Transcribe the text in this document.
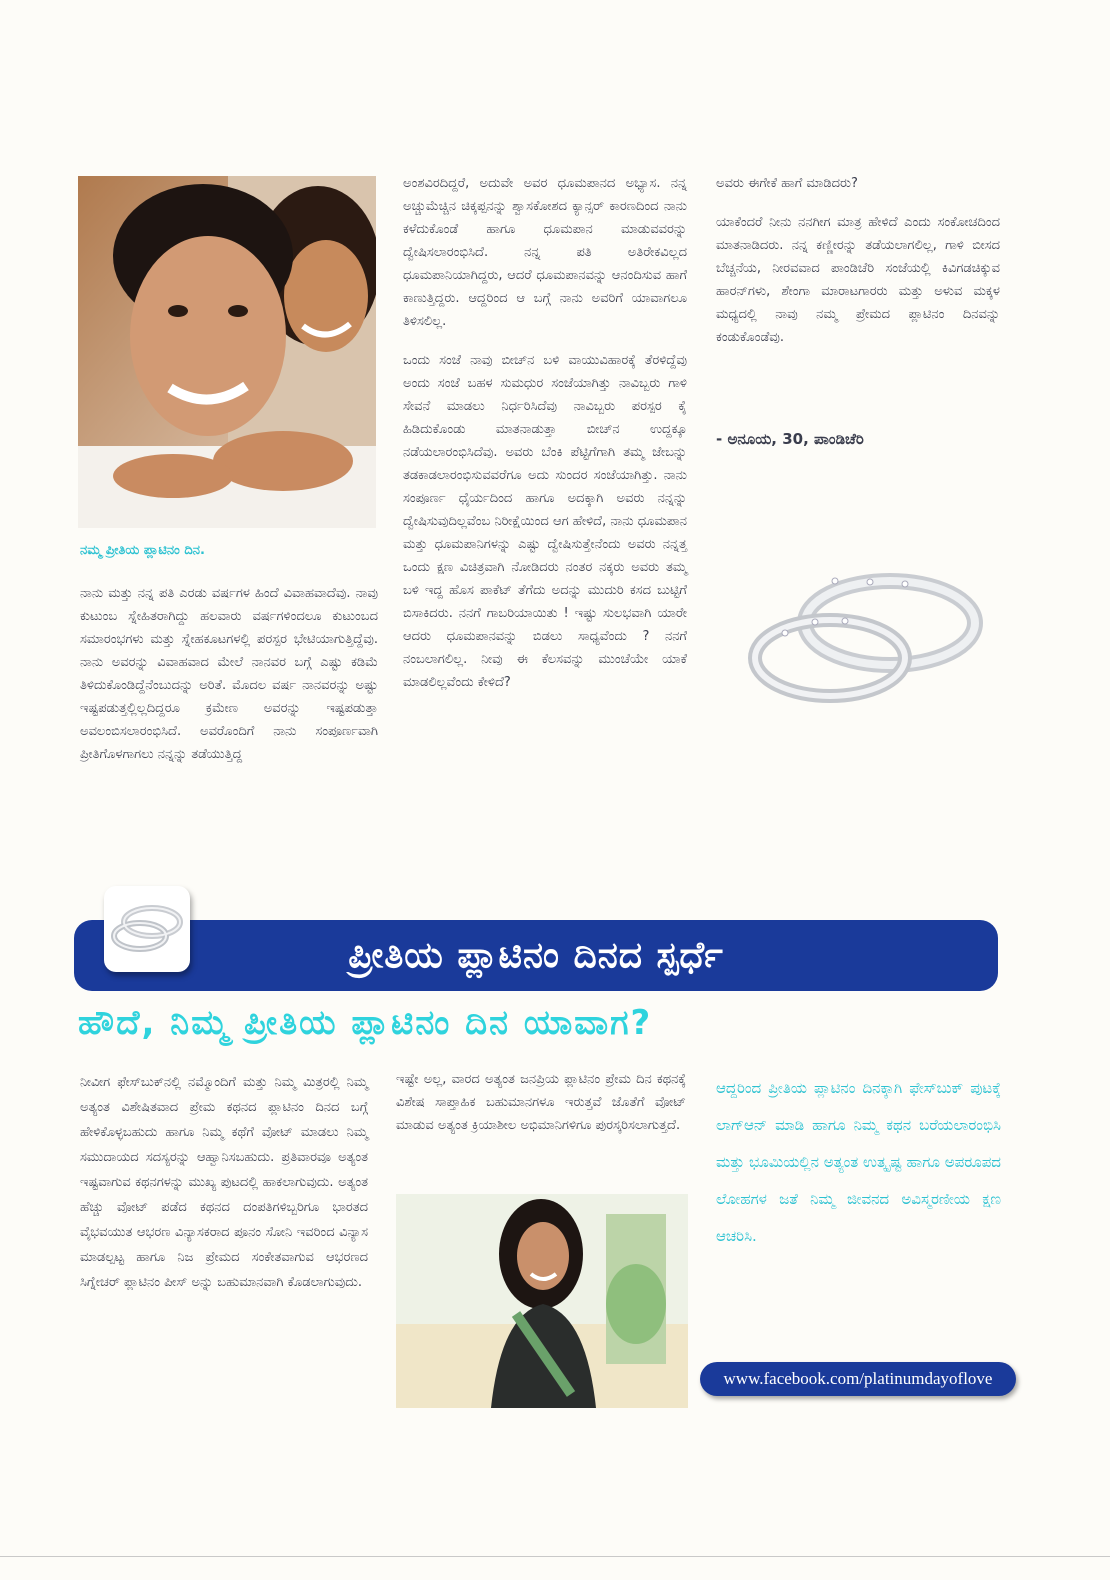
ನಮ್ಮ ಪ್ರೀತಿಯ ಪ್ಲಾಟಿನಂ ದಿನ.

ನಾನು ಮತ್ತು ನನ್ನ ಪತಿ ಎರಡು ವರ್ಷಗಳ ಹಿಂದೆ ವಿವಾಹವಾದೆವು. ನಾವು ಕುಟುಂಬ ಸ್ನೇಹಿತರಾಗಿದ್ದು ಹಲವಾರು ವರ್ಷಗಳಿಂದಲೂ ಕುಟುಂಬದ ಸಮಾರಂಭಗಳು ಮತ್ತು ಸ್ನೇಹಕೂಟಗಳಲ್ಲಿ ಪರಸ್ಪರ ಭೇಟಿಯಾಗುತ್ತಿದ್ದೆವು. ನಾನು ಅವರನ್ನು ವಿವಾಹವಾದ ಮೇಲೆ ನಾನವರ ಬಗ್ಗೆ ಎಷ್ಟು ಕಡಿಮೆ ತಿಳಿದುಕೊಂಡಿದ್ದೆನೆಂಬುದನ್ನು ಅರಿತೆ. ಮೊದಲ ವರ್ಷ ನಾನವರನ್ನು ಅಷ್ಟು ಇಷ್ಟಪಡುತ್ತಲ್ಲಿಲ್ಲದಿದ್ದರೂ ಕ್ರಮೇಣ ಅವರನ್ನು ಇಷ್ಟಪಡುತ್ತಾ ಅವಲಂಬಿಸಲಾರಂಭಿಸಿದೆ. ಅವರೊಂದಿಗೆ ನಾನು ಸಂಪೂರ್ಣವಾಗಿ ಪ್ರೀತಿಗೊಳಗಾಗಲು ನನ್ನನ್ನು ತಡೆಯುತ್ತಿದ್ದ

ಅಂಶವಿರದಿದ್ದರೆ, ಅದುವೇ ಅವರ ಧೂಮಪಾನದ ಅಭ್ಯಾಸ. ನನ್ನ ಅಚ್ಚುಮೆಚ್ಚಿನ ಚಿಕ್ಕಪ್ಪನನ್ನು ಶ್ವಾಸಕೋಶದ ಕ್ಯಾನ್ಸರ್ ಕಾರಣದಿಂದ ನಾನು ಕಳೆದುಕೊಂಡೆ ಹಾಗೂ ಧೂಮಪಾನ ಮಾಡುವವರನ್ನು ದ್ವೇಷಿಸಲಾರಂಭಿಸಿದೆ. ನನ್ನ ಪತಿ ಅತಿರೇಕವಿಲ್ಲದ ಧೂಮಪಾನಿಯಾಗಿದ್ದರು, ಆದರೆ ಧೂಮಪಾನವನ್ನು ಆನಂದಿಸುವ ಹಾಗೆ ಕಾಣುತ್ತಿದ್ದರು. ಆದ್ದರಿಂದ ಆ ಬಗ್ಗೆ ನಾನು ಅವರಿಗೆ ಯಾವಾಗಲೂ ತಿಳಿಸಲಿಲ್ಲ.

ಒಂದು ಸಂಜೆ ನಾವು ಬೀಚ್‌ನ ಬಳಿ ವಾಯುವಿಹಾರಕ್ಕೆ ತೆರಳಿದ್ದೆವು ಅಂದು ಸಂಜೆ ಬಹಳ ಸುಮಧುರ ಸಂಜೆಯಾಗಿತ್ತು ನಾವಿಬ್ಬರು ಗಾಳಿ ಸೇವನೆ ಮಾಡಲು ನಿರ್ಧರಿಸಿದೆವು ನಾವಿಬ್ಬರು ಪರಸ್ಪರ ಕೈ ಹಿಡಿದುಕೊಂಡು ಮಾತನಾಡುತ್ತಾ ಬೀಚ್‌ನ ಉದ್ದಕ್ಕೂ ನಡೆಯಲಾರಂಭಿಸಿದೆವು. ಅವರು ಬೆಂಕಿ ಪೆಟ್ಟಿಗೆಗಾಗಿ ತಮ್ಮ ಜೇಬನ್ನು ತಡಕಾಡಲಾರಂಭಿಸುವವರೆಗೂ ಅದು ಸುಂದರ ಸಂಜೆಯಾಗಿತ್ತು. ನಾನು ಸಂಪೂರ್ಣ ಧೈರ್ಯದಿಂದ ಹಾಗೂ ಅದಕ್ಕಾಗಿ ಅವರು ನನ್ನನ್ನು ದ್ವೇಷಿಸುವುದಿಲ್ಲವೆಂಬ ನಿರೀಕ್ಷೆಯಿಂದ ಆಗ ಹೇಳಿದೆ, ನಾನು ಧೂಮಪಾನ ಮತ್ತು ಧೂಮಪಾನಿಗಳನ್ನು ಎಷ್ಟು ದ್ವೇಷಿಸುತ್ತೇನೆಂದು ಅವರು ನನ್ನತ್ತ ಒಂದು ಕ್ಷಣ ವಿಚಿತ್ರವಾಗಿ ನೋಡಿದರು ನಂತರ ನಕ್ಕರು ಅವರು ತಮ್ಮ ಬಳಿ ಇದ್ದ ಹೊಸ ಪಾಕೆಟ್ ತೆಗೆದು ಅದನ್ನು ಮುದುರಿ ಕಸದ ಬುಟ್ಟಿಗೆ ಬಿಸಾಕಿದರು. ನನಗೆ ಗಾಬರಿಯಾಯಿತು ! ಇಷ್ಟು ಸುಲಭವಾಗಿ ಯಾರೇ ಆದರು ಧೂಮಪಾನವನ್ನು ಬಿಡಲು ಸಾಧ್ಯವೆಂದು ? ನನಗೆ ನಂಬಲಾಗಲಿಲ್ಲ. ನೀವು ಈ ಕೆಲಸವನ್ನು ಮುಂಚೆಯೇ ಯಾಕೆ ಮಾಡಲಿಲ್ಲವೆಂದು ಕೇಳಿದೆ?

ಅವರು ಈಗೇಕೆ ಹಾಗೆ ಮಾಡಿದರು?

ಯಾಕೆಂದರೆ ನೀನು ನನಗೀಗ ಮಾತ್ರ ಹೇಳಿದೆ ಎಂದು ಸಂಕೋಚದಿಂದ ಮಾತನಾಡಿದರು. ನನ್ನ ಕಣ್ಣೀರನ್ನು ತಡೆಯಲಾಗಲಿಲ್ಲ, ಗಾಳಿ ಬೀಸದ ಬೆಚ್ಚನೆಯ, ನೀರವವಾದ ಪಾಂಡಿಚೆರಿ ಸಂಜೆಯಲ್ಲಿ ಕಿವಿಗಡಚಿಕ್ಕುವ ಹಾರನ್‌ಗಳು, ಶೇಂಗಾ ಮಾರಾಟಗಾರರು ಮತ್ತು ಅಳುವ ಮಕ್ಕಳ ಮಧ್ಯದಲ್ಲಿ ನಾವು ನಮ್ಮ ಪ್ರೇಮದ ಪ್ಲಾಟಿನಂ ದಿನವನ್ನು ಕಂಡುಕೊಂಡೆವು.

- ಅನೂಯ, 30, ಪಾಂಡಿಚೆರಿ
ಪ್ರೀತಿಯ ಪ್ಲಾಟಿನಂ ದಿನದ ಸ್ಪರ್ಧೆ
ಹೌದೆ, ನಿಮ್ಮ ಪ್ರೀತಿಯ ಪ್ಲಾಟಿನಂ ದಿನ ಯಾವಾಗ?

ನೀವೀಗ ಫೇಸ್‌ಬುಕ್‌ನಲ್ಲಿ ನಮ್ಮೊಂದಿಗೆ ಮತ್ತು ನಿಮ್ಮ ಮಿತ್ರರಲ್ಲಿ ನಿಮ್ಮ ಅತ್ಯಂತ ವಿಶೇಷಿತವಾದ ಪ್ರೇಮ ಕಥನದ ಪ್ಲಾಟಿನಂ ದಿನದ ಬಗ್ಗೆ ಹೇಳಿಕೊಳ್ಳಬಹುದು ಹಾಗೂ ನಿಮ್ಮ ಕಥೆಗೆ ವೋಟ್ ಮಾಡಲು ನಿಮ್ಮ ಸಮುದಾಯದ ಸದಸ್ಯರನ್ನು ಆಹ್ವಾನಿಸಬಹುದು. ಪ್ರತಿವಾರವೂ ಅತ್ಯಂತ ಇಷ್ಟವಾಗುವ ಕಥನಗಳನ್ನು ಮುಖ್ಯ ಪುಟದಲ್ಲಿ ಹಾಕಲಾಗುವುದು. ಅತ್ಯಂತ ಹೆಚ್ಚು ವೋಟ್ ಪಡೆದ ಕಥನದ ದಂಪತಿಗಳಿಬ್ಬರಿಗೂ ಭಾರತದ ವೈಭವಯುತ ಆಭರಣ ವಿನ್ಯಾಸಕರಾದ ಪೂನಂ ಸೋನಿ ಇವರಿಂದ ವಿನ್ಯಾಸ ಮಾಡಲ್ಪಟ್ಟ ಹಾಗೂ ನಿಜ ಪ್ರೇಮದ ಸಂಕೇತವಾಗುವ ಆಭರಣದ ಸಿಗ್ನೇಚರ್ ಪ್ಲಾಟಿನಂ ಪೀಸ್ ಅನ್ನು ಬಹುಮಾನವಾಗಿ ಕೊಡಲಾಗುವುದು.

ಇಷ್ಟೇ ಅಲ್ಲ, ವಾರದ ಅತ್ಯಂತ ಜನಪ್ರಿಯ ಪ್ಲಾಟಿನಂ ಪ್ರೇಮ ದಿನ ಕಥನಕ್ಕೆ ವಿಶೇಷ ಸಾಪ್ತಾಹಿಕ ಬಹುಮಾನಗಳೂ ಇರುತ್ತವೆ ಜೊತೆಗೆ ವೋಟ್ ಮಾಡುವ ಅತ್ಯಂತ ಕ್ರಿಯಾಶೀಲ ಅಭಿಮಾನಿಗಳಿಗೂ ಪುರಸ್ಕರಿಸಲಾಗುತ್ತದೆ.

ಆದ್ದರಿಂದ ಪ್ರೀತಿಯ ಪ್ಲಾಟಿನಂ ದಿನಕ್ಕಾಗಿ ಫೇಸ್‌ಬುಕ್ ಪುಟಕ್ಕೆ ಲಾಗ್‌ಆನ್ ಮಾಡಿ ಹಾಗೂ ನಿಮ್ಮ ಕಥನ ಬರೆಯಲಾರಂಭಿಸಿ ಮತ್ತು ಭೂಮಿಯಲ್ಲಿನ ಅತ್ಯಂತ ಉತ್ಕೃಷ್ಟ ಹಾಗೂ ಅಪರೂಪದ ಲೋಹಗಳ ಜತೆ ನಿಮ್ಮ ಜೀವನದ ಅವಿಸ್ಮರಣೀಯ ಕ್ಷಣ ಆಚರಿಸಿ.
www.facebook.com/platinumdayoflove
